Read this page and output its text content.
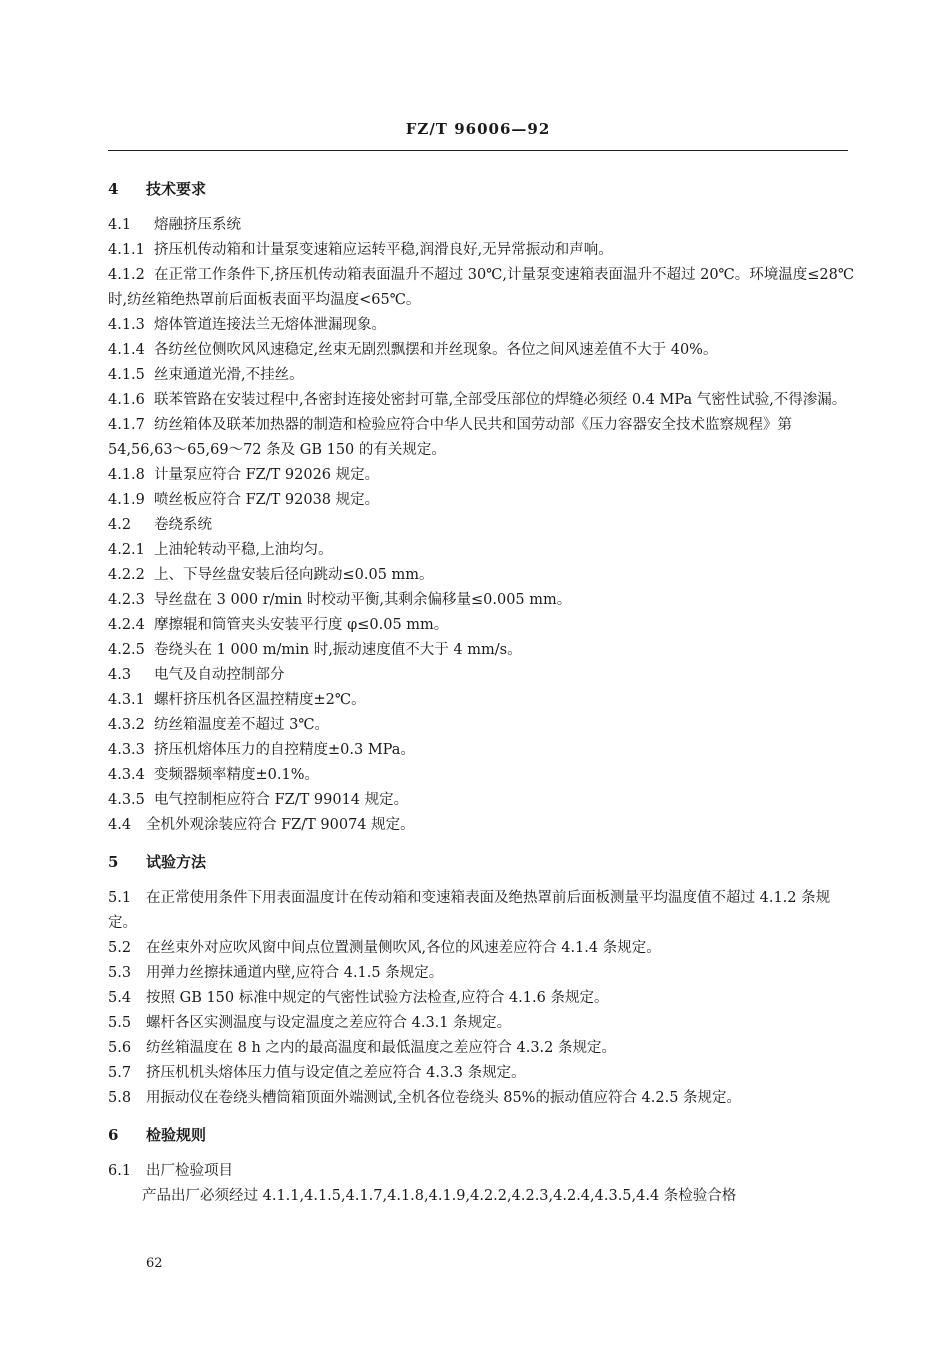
FZ/T 96006—92
4 技术要求
4.1 熔融挤压系统
4.1.1 挤压机传动箱和计量泵变速箱应运转平稳,润滑良好,无异常振动和声响。
4.1.2 在正常工作条件下,挤压机传动箱表面温升不超过 30℃,计量泵变速箱表面温升不超过 20℃。环境温度≤28℃时,纺丝箱绝热罩前后面板表面平均温度<65℃。
4.1.3 熔体管道连接法兰无熔体泄漏现象。
4.1.4 各纺丝位侧吹风风速稳定,丝束无剧烈飘摆和并丝现象。各位之间风速差值不大于 40%。
4.1.5 丝束通道光滑,不挂丝。
4.1.6 联苯管路在安装过程中,各密封连接处密封可靠,全部受压部位的焊缝必须经 0.4 MPa 气密性试验,不得渗漏。
4.1.7 纺丝箱体及联苯加热器的制造和检验应符合中华人民共和国劳动部《压力容器安全技术监察规程》第 54,56,63～65,69～72 条及 GB 150 的有关规定。
4.1.8 计量泵应符合 FZ/T 92026 规定。
4.1.9 喷丝板应符合 FZ/T 92038 规定。
4.2 卷绕系统
4.2.1 上油轮转动平稳,上油均匀。
4.2.2 上、下导丝盘安装后径向跳动≤0.05 mm。
4.2.3 导丝盘在 3 000 r/min 时校动平衡,其剩余偏移量≤0.005 mm。
4.2.4 摩擦辊和筒管夹头安装平行度 φ≤0.05 mm。
4.2.5 卷绕头在 1 000 m/min 时,振动速度值不大于 4 mm/s。
4.3 电气及自动控制部分
4.3.1 螺杆挤压机各区温控精度±2℃。
4.3.2 纺丝箱温度差不超过 3℃。
4.3.3 挤压机熔体压力的自控精度±0.3 MPa。
4.3.4 变频器频率精度±0.1%。
4.3.5 电气控制柜应符合 FZ/T 99014 规定。
4.4 全机外观涂装应符合 FZ/T 90074 规定。
5 试验方法
5.1 在正常使用条件下用表面温度计在传动箱和变速箱表面及绝热罩前后面板测量平均温度值不超过 4.1.2 条规定。
5.2 在丝束外对应吹风窗中间点位置测量侧吹风,各位的风速差应符合 4.1.4 条规定。
5.3 用弹力丝擦抹通道内壁,应符合 4.1.5 条规定。
5.4 按照 GB 150 标准中规定的气密性试验方法检查,应符合 4.1.6 条规定。
5.5 螺杆各区实测温度与设定温度之差应符合 4.3.1 条规定。
5.6 纺丝箱温度在 8 h 之内的最高温度和最低温度之差应符合 4.3.2 条规定。
5.7 挤压机机头熔体压力值与设定值之差应符合 4.3.3 条规定。
5.8 用振动仪在卷绕头槽筒箱顶面外端测试,全机各位卷绕头 85%的振动值应符合 4.2.5 条规定。
6 检验规则
6.1 出厂检验项目
产品出厂必须经过 4.1.1,4.1.5,4.1.7,4.1.8,4.1.9,4.2.2,4.2.3,4.2.4,4.3.5,4.4 条检验合格
62
